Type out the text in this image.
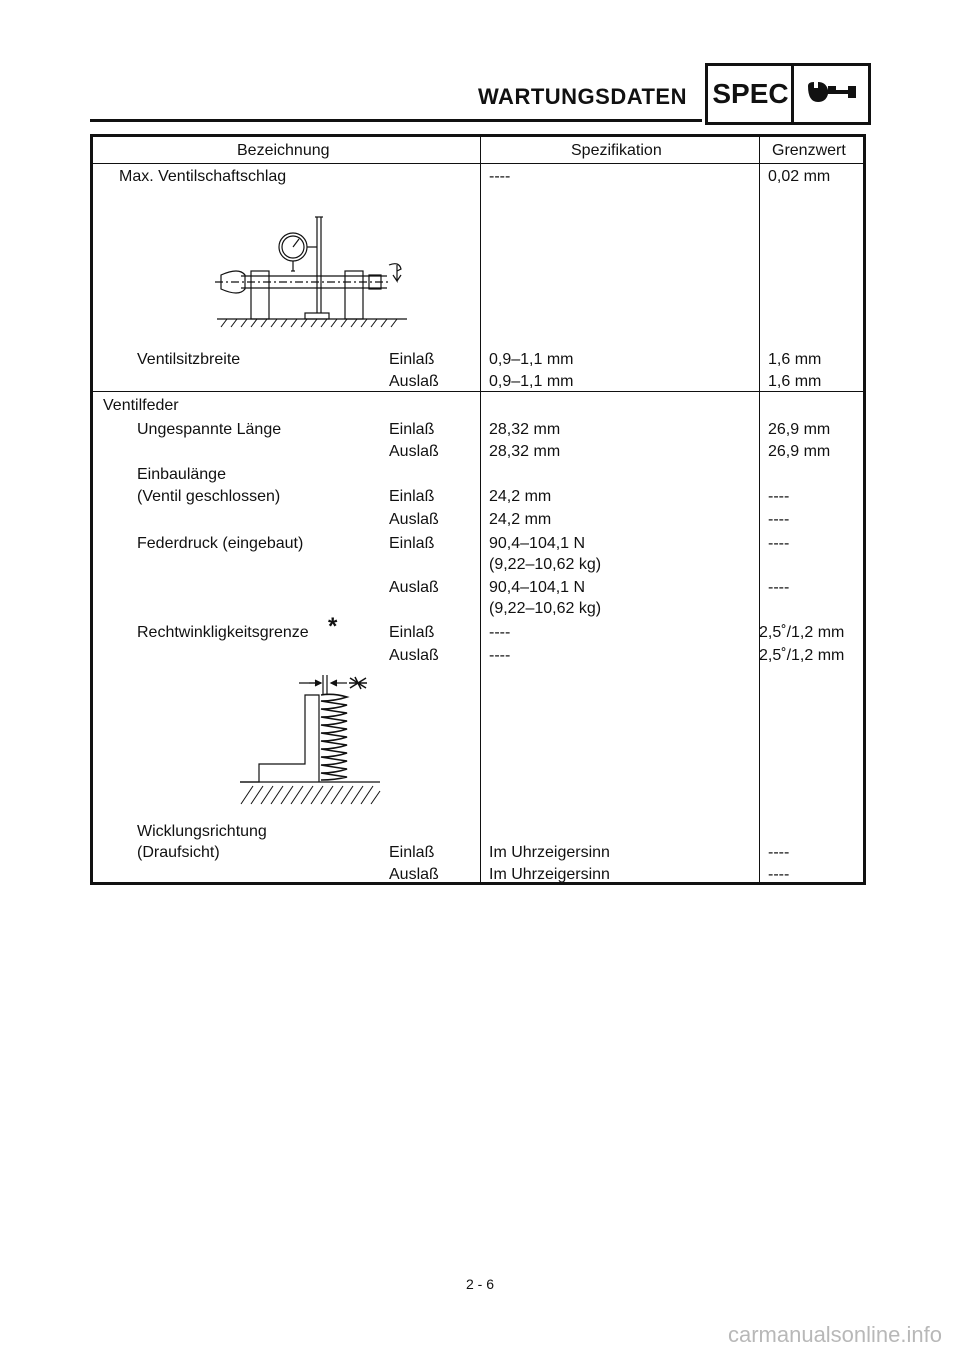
WARTUNGSDATEN SPEC
Bezeichnung	Spezifikation	Grenzwert
Max. Ventilschaftschlag	----	0,02 mm
Ventilsitzbreite	Einlaß	0,9–1,1 mm	1,6 mm
Auslaß	0,9–1,1 mm	1,6 mm
Ventilfeder
Ungespannte Länge	Einlaß	28,32 mm	26,9 mm
Auslaß	28,32 mm	26,9 mm
Einbaulänge
(Ventil geschlossen)	Einlaß	24,2 mm	----
Auslaß	24,2 mm	----
Federdruck (eingebaut)	Einlaß	90,4–104,1 N	----
(9,22–10,62 kg)
Auslaß	90,4–104,1 N	----
(9,22–10,62 kg)
Rechtwinkligkeitsgrenze *	Einlaß	----	2,5˚/1,2 mm
Auslaß	----	2,5˚/1,2 mm
Wicklungsrichtung
(Draufsicht)	Einlaß	Im Uhrzeigersinn	----
Auslaß	Im Uhrzeigersinn	----
2 - 6
carmanualsonline.info
